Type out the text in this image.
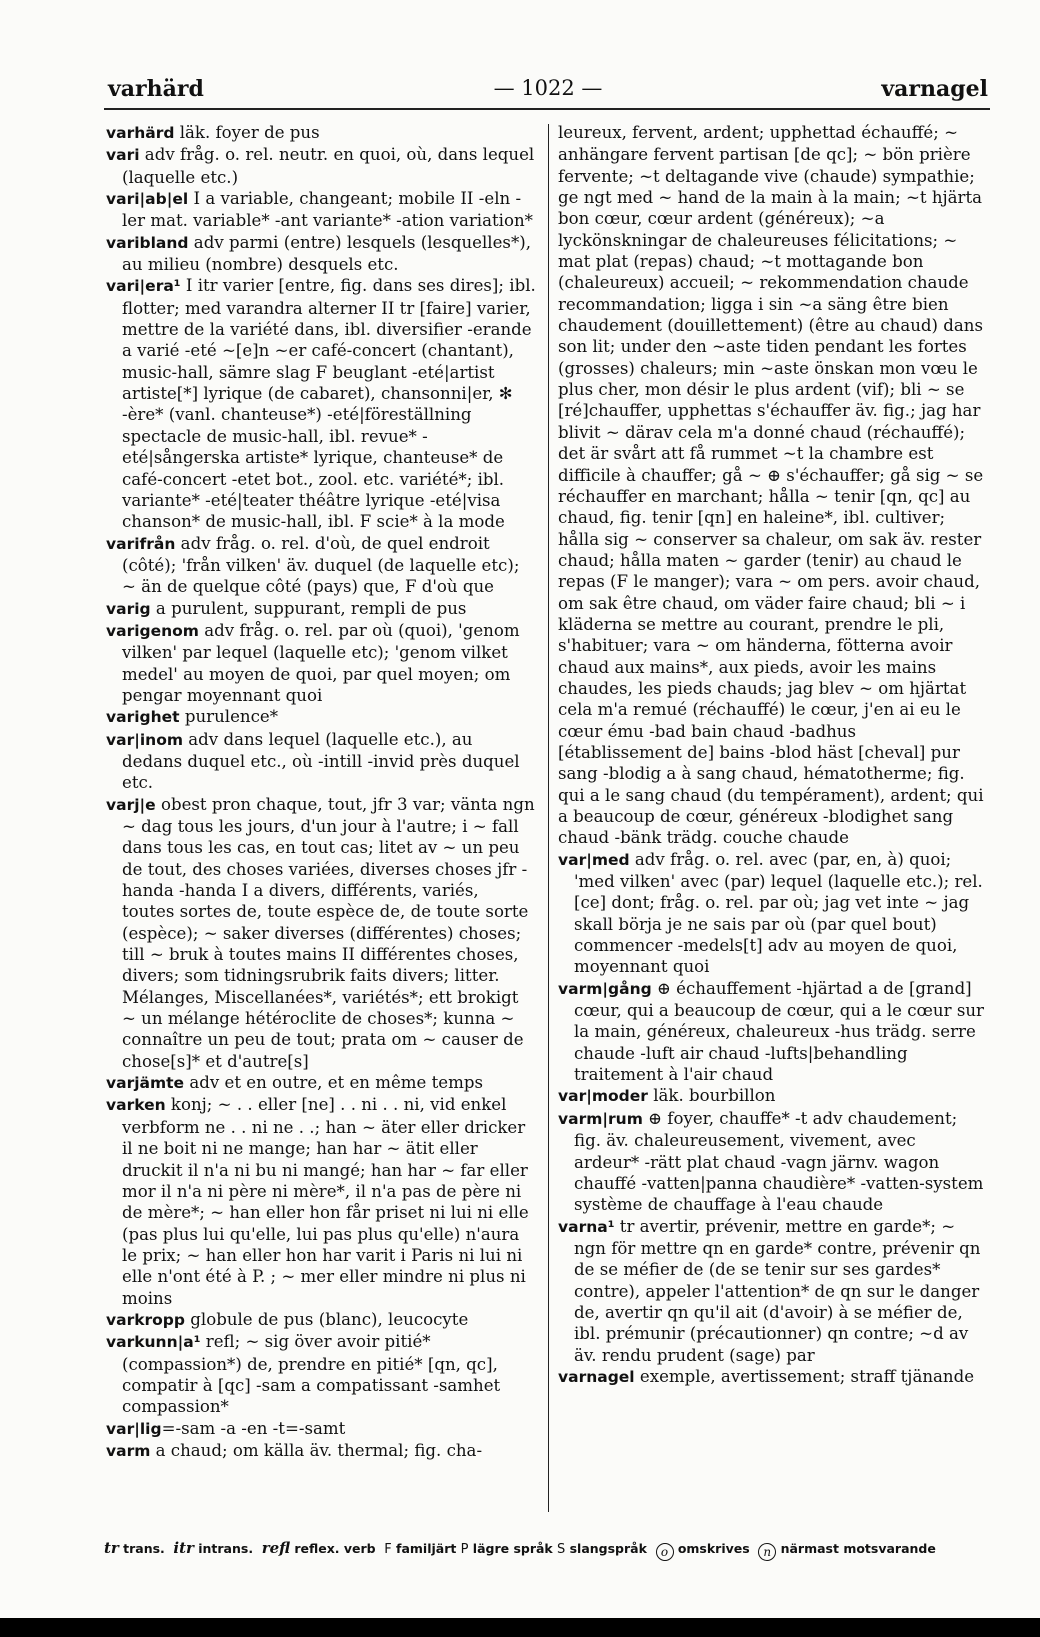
varhärd	— 1022 —	varnagel

varhärd läk. foyer de pus

vari adv fråg. o. rel. neutr. en quoi, où, dans lequel (laquelle etc.)

vari|ab|el I a variable, changeant; mobile II -eln -ler mat. variable* -ant variante* -ation variation*

varibland adv parmi (entre) lesquels (lesquelles*), au milieu (nombre) desquels etc.

vari|era¹ I itr varier [entre, fig. dans ses dires]; ibl. flotter; med varandra alterner II tr [faire] varier, mettre de la variété dans, ibl. diversifier -erande a varié -eté ~[e]n ~er café-concert (chantant), music-hall, sämre slag F beuglant -eté|artist artiste[*] lyrique (de cabaret), chansonni|er, ✻ -ère* (vanl. chanteuse*) -eté|föreställning spectacle de music-hall, ibl. revue* -eté|sångerska artiste* lyrique, chanteuse* de café-concert -etet bot., zool. etc. variété*; ibl. variante* -eté|teater théâtre lyrique -eté|visa chanson* de music-hall, ibl. F scie* à la mode

varifrån adv fråg. o. rel. d'où, de quel endroit (côté); 'från vilken' äv. duquel (de laquelle etc); ~ än de quelque côté (pays) que, F d'où que

varig a purulent, suppurant, rempli de pus

varigenom adv fråg. o. rel. par où (quoi), 'genom vilken' par lequel (laquelle etc); 'genom vilket medel' au moyen de quoi, par quel moyen; om pengar moyennant quoi

varighet purulence*

var|inom adv dans lequel (laquelle etc.), au dedans duquel etc., où -intill -invid près duquel etc.

varj|e obest pron chaque, tout, jfr 3 var; vänta ngn ~ dag tous les jours, d'un jour à l'autre; i ~ fall dans tous les cas, en tout cas; litet av ~ un peu de tout, des choses variées, diverses choses jfr -handa -handa I a divers, différents, variés, toutes sortes de, toute espèce de, de toute sorte (espèce); ~ saker diverses (différentes) choses; till ~ bruk à toutes mains II différentes choses, divers; som tidningsrubrik faits divers; litter. Mélanges, Miscellanées*, variétés*; ett brokigt ~ un mélange hétéroclite de choses*; kunna ~ connaître un peu de tout; prata om ~ causer de chose[s]* et d'autre[s]

varjämte adv et en outre, et en même temps

varken konj; ~ . . eller [ne] . . ni . . ni, vid enkel verbform ne . . ni ne . .; han ~ äter eller dricker il ne boit ni ne mange; han har ~ ätit eller druckit il n'a ni bu ni mangé; han har ~ far eller mor il n'a ni père ni mère*, il n'a pas de père ni de mère*; ~ han eller hon får priset ni lui ni elle (pas plus lui qu'elle, lui pas plus qu'elle) n'aura le prix; ~ han eller hon har varit i Paris ni lui ni elle n'ont été à P. ; ~ mer eller mindre ni plus ni moins

varkropp globule de pus (blanc), leucocyte

varkunn|a¹ refl; ~ sig över avoir pitié* (compassion*) de, prendre en pitié* [qn, qc], compatir à [qc] -sam a compatissant -samhet compassion*

var|lig=-sam -a -en -t=-samt

varm a chaud; om källa äv. thermal; fig. cha-

leureux, fervent, ardent; upphettad échauffé; ~ anhängare fervent partisan [de qc]; ~ bön prière fervente; ~t deltagande vive (chaude) sympathie; ge ngt med ~ hand de la main à la main; ~t hjärta bon cœur, cœur ardent (généreux); ~a lyckönskningar de chaleureuses félicitations; ~ mat plat (repas) chaud; ~t mottagande bon (chaleureux) accueil; ~ rekommendation chaude recommandation; ligga i sin ~a säng être bien chaudement (douillettement) (être au chaud) dans son lit; under den ~aste tiden pendant les fortes (grosses) chaleurs; min ~aste önskan mon vœu le plus cher, mon désir le plus ardent (vif); bli ~ se [ré]chauffer, upphettas s'échauffer äv. fig.; jag har blivit ~ därav cela m'a donné chaud (réchauffé); det är svårt att få rummet ~t la chambre est difficile à chauffer; gå ~ ⊕ s'échauffer; gå sig ~ se réchauffer en marchant; hålla ~ tenir [qn, qc] au chaud, fig. tenir [qn] en haleine*, ibl. cultiver; hålla sig ~ conserver sa chaleur, om sak äv. rester chaud; hålla maten ~ garder (tenir) au chaud le repas (F le manger); vara ~ om pers. avoir chaud, om sak être chaud, om väder faire chaud; bli ~ i kläderna se mettre au courant, prendre le pli, s'habituer; vara ~ om händerna, fötterna avoir chaud aux mains*, aux pieds, avoir les mains chaudes, les pieds chauds; jag blev ~ om hjärtat cela m'a remué (réchauffé) le cœur, j'en ai eu le cœur ému -bad bain chaud -badhus [établissement de] bains -blod häst [cheval] pur sang -blodig a à sang chaud, hématotherme; fig. qui a le sang chaud (du tempérament), ardent; qui a beaucoup de cœur, généreux -blodighet sang chaud -bänk trädg. couche chaude

var|med adv fråg. o. rel. avec (par, en, à) quoi; 'med vilken' avec (par) lequel (laquelle etc.); rel. [ce] dont; fråg. o. rel. par où; jag vet inte ~ jag skall börja je ne sais par où (par quel bout) commencer -medels[t] adv au moyen de quoi, moyennant quoi

varm|gång ⊕ échauffement -hjärtad a de [grand] cœur, qui a beaucoup de cœur, qui a le cœur sur la main, généreux, chaleureux -hus trädg. serre chaude -luft air chaud -lufts|behandling traitement à l'air chaud

var|moder läk. bourbillon

varm|rum ⊕ foyer, chauffe* -t adv chaudement; fig. äv. chaleureusement, vivement, avec ardeur* -rätt plat chaud -vagn järnv. wagon chauffé -vatten|panna chaudière* -vatten-system système de chauffage à l'eau chaude

varna¹ tr avertir, prévenir, mettre en garde*; ~ ngn för mettre qn en garde* contre, prévenir qn de se méfier de (de se tenir sur ses gardes* contre), appeler l'attention* de qn sur le danger de, avertir qn qu'il ait (d'avoir) à se méfier de, ibl. prémunir (précautionner) qn contre; ~d av äv. rendu prudent (sage) par

varnagel exemple, avertissement; straff tjänande

tr trans. itr intrans. refl reflex. verb F familjärt P lägre språk S slangspråk o omskrives n närmast motsvarande
